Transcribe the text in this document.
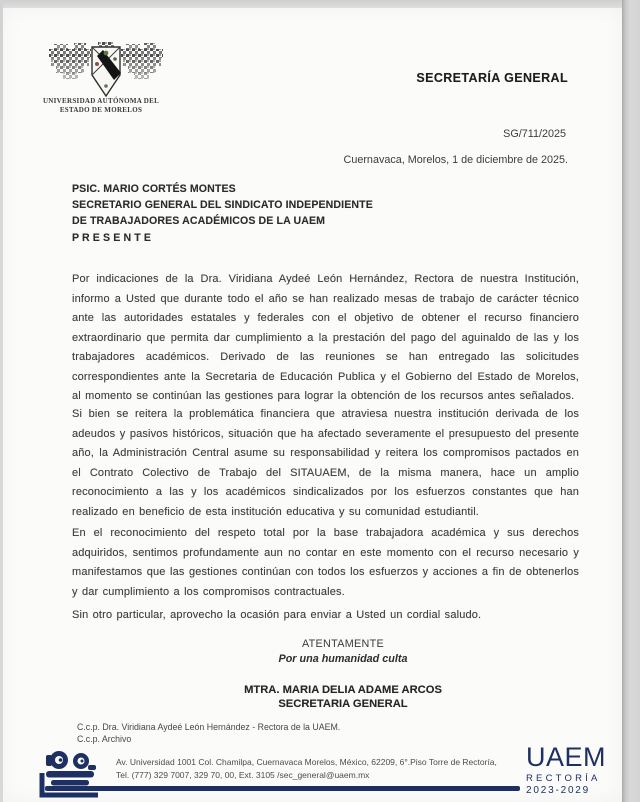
UNIVERSIDAD AUTÓNOMA DEL
ESTADO DE MORELOS
SECRETARÍA GENERAL
SG/711/2025
Cuernavaca, Morelos, 1 de diciembre de 2025.
PSIC. MARIO CORTÉS MONTES
SECRETARIO GENERAL DEL SINDICATO INDEPENDIENTE
DE TRABAJADORES ACADÉMICOS DE LA UAEM
P R E S E N T E
Por indicaciones de la Dra. Viridiana Aydeé León Hernández, Rectora de nuestra Institución, informo a Usted que durante todo el año se han realizado mesas de trabajo de carácter técnico ante las autoridades estatales y federales con el objetivo de obtener el recurso financiero extraordinario que permita dar cumplimiento a la prestación del pago del aguinaldo de las y los trabajadores académicos. Derivado de las reuniones se han entregado las solicitudes correspondientes ante la Secretaria de Educación Publica y el Gobierno del Estado de Morelos, al momento se continúan las gestiones para lograr la obtención de los recursos antes señalados.
Si bien se reitera la problemática financiera que atraviesa nuestra institución derivada de los adeudos y pasivos históricos, situación que ha afectado severamente el presupuesto del presente año, la Administración Central asume su responsabilidad y reitera los compromisos pactados en el Contrato Colectivo de Trabajo del SITAUAEM, de la misma manera, hace un amplio reconocimiento a las y los académicos sindicalizados por los esfuerzos constantes que han realizado en beneficio de esta institución educativa y su comunidad estudiantil.
En el reconocimiento del respeto total por la base trabajadora académica y sus derechos adquiridos, sentimos profundamente aun no contar en este momento con el recurso necesario y manifestamos que las gestiones continúan con todos los esfuerzos y acciones a fin de obtenerlos y dar cumplimiento a los compromisos contractuales.
Sin otro particular, aprovecho la ocasión para enviar a Usted un cordial saludo.
ATENTAMENTE
Por una humanidad culta
MTRA. MARIA DELIA ADAME ARCOS
SECRETARIA GENERAL
C.c.p. Dra. Viridiana Aydeé León Hernández - Rectora de la UAEM.
C.c.p. Archivo
Av. Universidad 1001 Col. Chamilpa, Cuernavaca Morelos, México, 62209, 6°.Piso Torre de Rectoría,
Tel. (777) 329 7007, 329 70, 00, Ext. 3105 /sec_general@uaem.mx
UAEM
RECTORÍA
2023-2029
